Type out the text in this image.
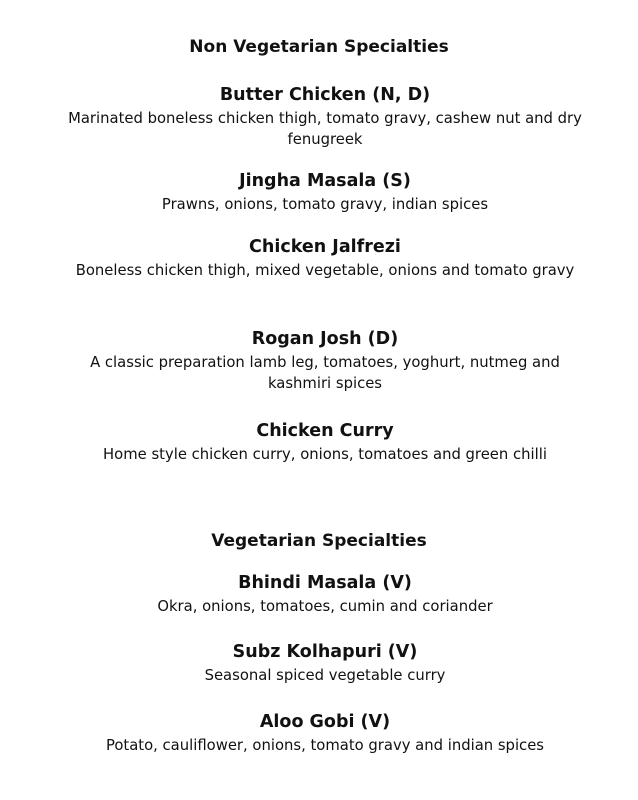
Non Vegetarian Specialties
Butter Chicken (N, D)
Marinated boneless chicken thigh, tomato gravy, cashew nut and dry fenugreek
Jingha Masala (S)
Prawns, onions, tomato gravy, indian spices
Chicken Jalfrezi
Boneless chicken thigh, mixed vegetable, onions and tomato gravy
Rogan Josh (D)
A classic preparation lamb leg, tomatoes, yoghurt, nutmeg and kashmiri spices
Chicken Curry
Home style chicken curry, onions, tomatoes and green chilli
Vegetarian Specialties
Bhindi Masala (V)
Okra, onions, tomatoes, cumin and coriander
Subz Kolhapuri (V)
Seasonal spiced vegetable curry
Aloo Gobi (V)
Potato, cauliflower, onions, tomato gravy and indian spices
